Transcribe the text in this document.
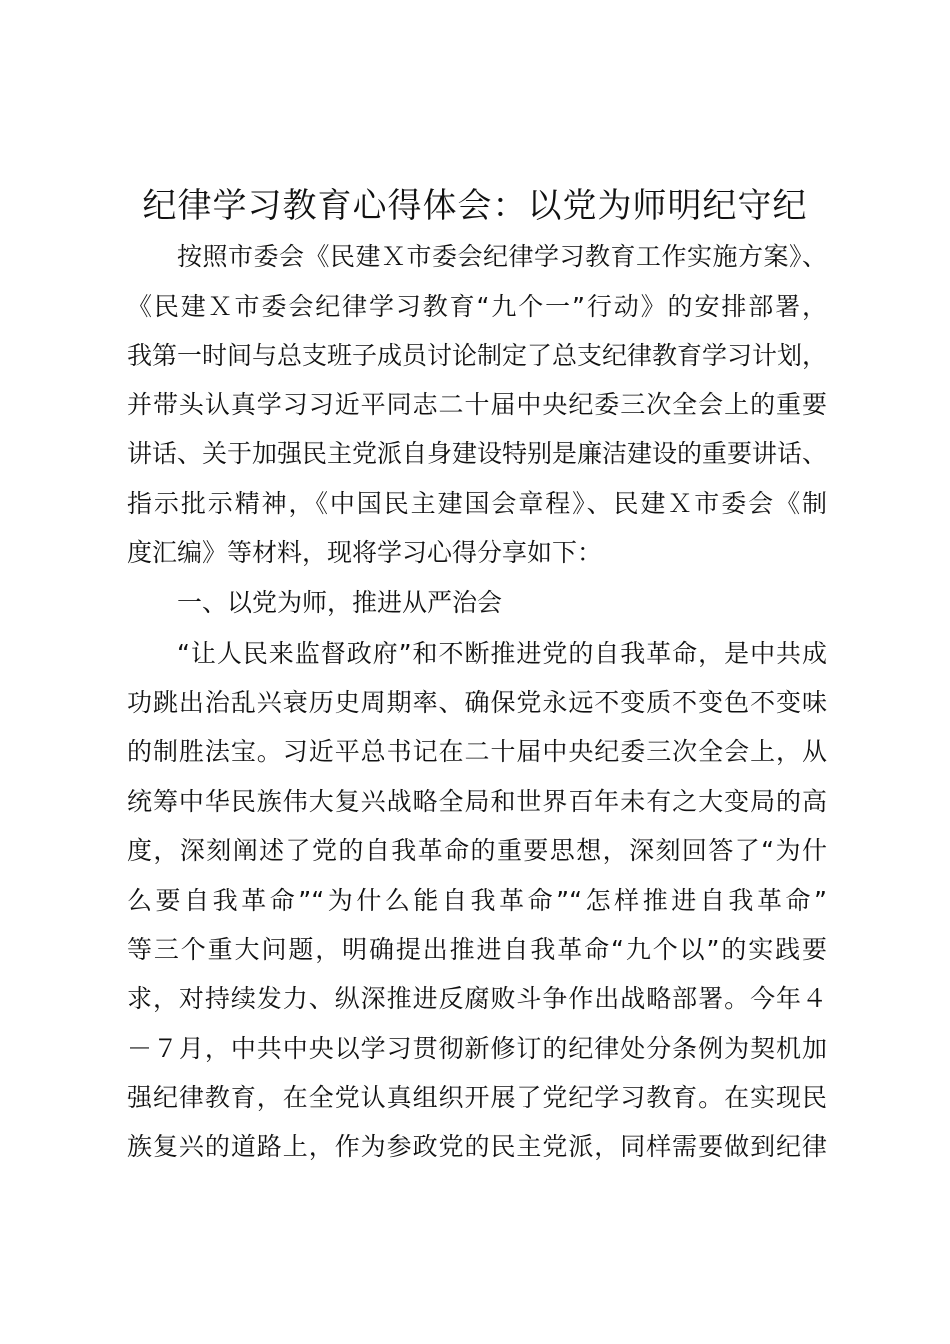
纪律学习教育心得体会：以党为师明纪守纪

按照市委会《民建Ｘ市委会纪律学习教育工作实施方案》、

《民建Ｘ市委会纪律学习教育“九个一”行动》的安排部署，

我第一时间与总支班子成员讨论制定了总支纪律教育学习计划，

并带头认真学习习近平同志二十届中央纪委三次全会上的重要

讲话、关于加强民主党派自身建设特别是廉洁建设的重要讲话、

指示批示精神，《中国民主建国会章程》、民建Ｘ市委会《制

度汇编》等材料，现将学习心得分享如下：

一、以党为师，推进从严治会

“让人民来监督政府”和不断推进党的自我革命，是中共成

功跳出治乱兴衰历史周期率、确保党永远不变质不变色不变味

的制胜法宝。习近平总书记在二十届中央纪委三次全会上，从

统筹中华民族伟大复兴战略全局和世界百年未有之大变局的高

度，深刻阐述了党的自我革命的重要思想，深刻回答了“为什

么要自我革命”“为什么能自我革命”“怎样推进自我革命”

等三个重大问题，明确提出推进自我革命“九个以”的实践要

求，对持续发力、纵深推进反腐败斗争作出战略部署。今年４

－７月，中共中央以学习贯彻新修订的纪律处分条例为契机加

强纪律教育，在全党认真组织开展了党纪学习教育。在实现民

族复兴的道路上，作为参政党的民主党派，同样需要做到纪律
